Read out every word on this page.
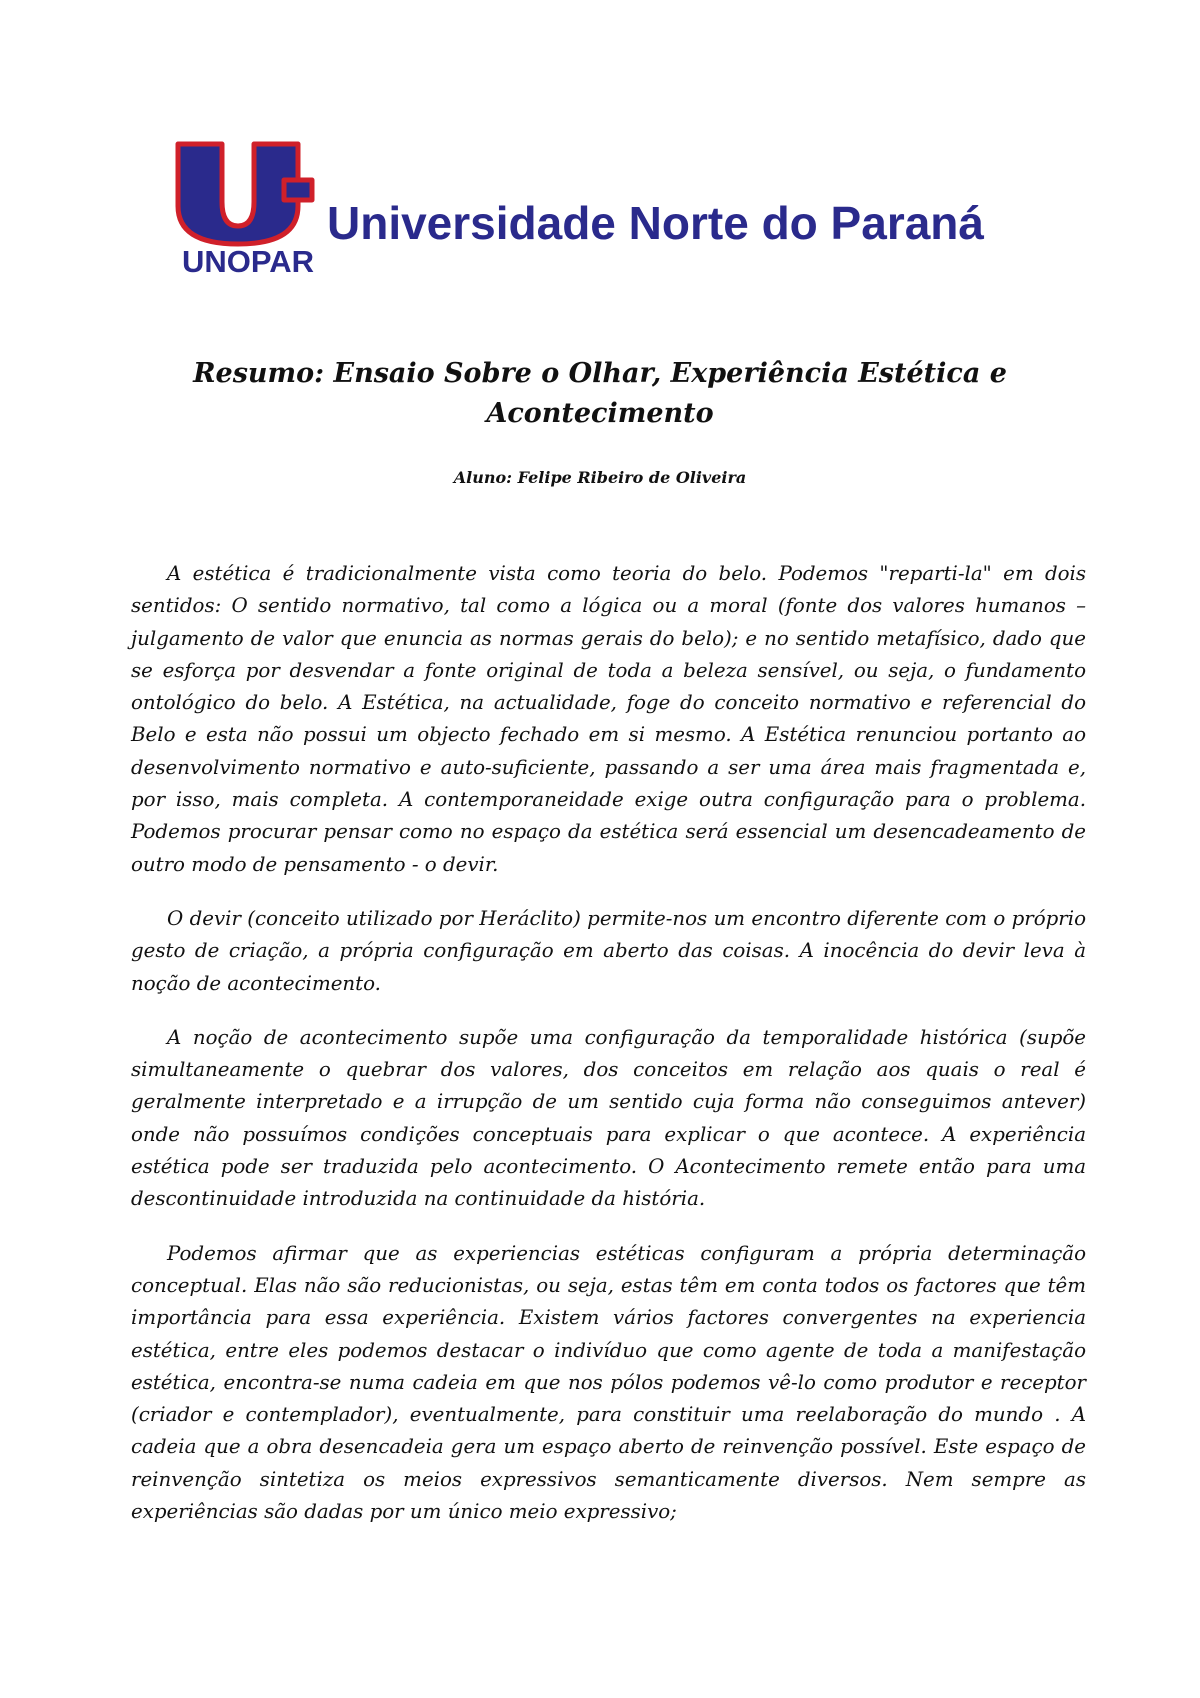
UNOPAR
Universidade Norte do Paraná
Resumo: Ensaio Sobre o Olhar, Experiência Estética e Acontecimento
Aluno: Felipe Ribeiro de Oliveira

A estética é tradicionalmente vista como teoria do belo. Podemos "reparti-la" em dois sentidos: O sentido normativo, tal como a lógica ou a moral (fonte dos valores humanos – julgamento de valor que enuncia as normas gerais do belo); e no sentido metafísico, dado que se esforça por desvendar a fonte original de toda a beleza sensível, ou seja, o fundamento ontológico do belo. A Estética, na actualidade, foge do conceito normativo e referencial do Belo e esta não possui um objecto fechado em si mesmo. A Estética renunciou portanto ao desenvolvimento normativo e auto-suficiente, passando a ser uma área mais fragmentada e, por isso, mais completa. A contemporaneidade exige outra configuração para o problema. Podemos procurar pensar como no espaço da estética será essencial um desencadeamento de outro modo de pensamento - o devir.

O devir (conceito utilizado por Heráclito) permite-nos um encontro diferente com o próprio gesto de criação, a própria configuração em aberto das coisas. A inocência do devir leva à noção de acontecimento.

A noção de acontecimento supõe uma configuração da temporalidade histórica (supõe simultaneamente o quebrar dos valores, dos conceitos em relação aos quais o real é geralmente interpretado e a irrupção de um sentido cuja forma não conseguimos antever) onde não possuímos condições conceptuais para explicar o que acontece. A experiência estética pode ser traduzida pelo acontecimento. O Acontecimento remete então para uma descontinuidade introduzida na continuidade da história.

Podemos afirmar que as experiencias estéticas configuram a própria determinação conceptual. Elas não são reducionistas, ou seja, estas têm em conta todos os factores que têm importância para essa experiência. Existem vários factores convergentes na experiencia estética, entre eles podemos destacar o indivíduo que como agente de toda a manifestação estética, encontra-se numa cadeia em que nos pólos podemos vê-lo como produtor e receptor (criador e contemplador), eventualmente, para constituir uma reelaboração do mundo . A cadeia que a obra desencadeia gera um espaço aberto de reinvenção possível. Este espaço de reinvenção sintetiza os meios expressivos semanticamente diversos. Nem sempre as experiências são dadas por um único meio expressivo;
